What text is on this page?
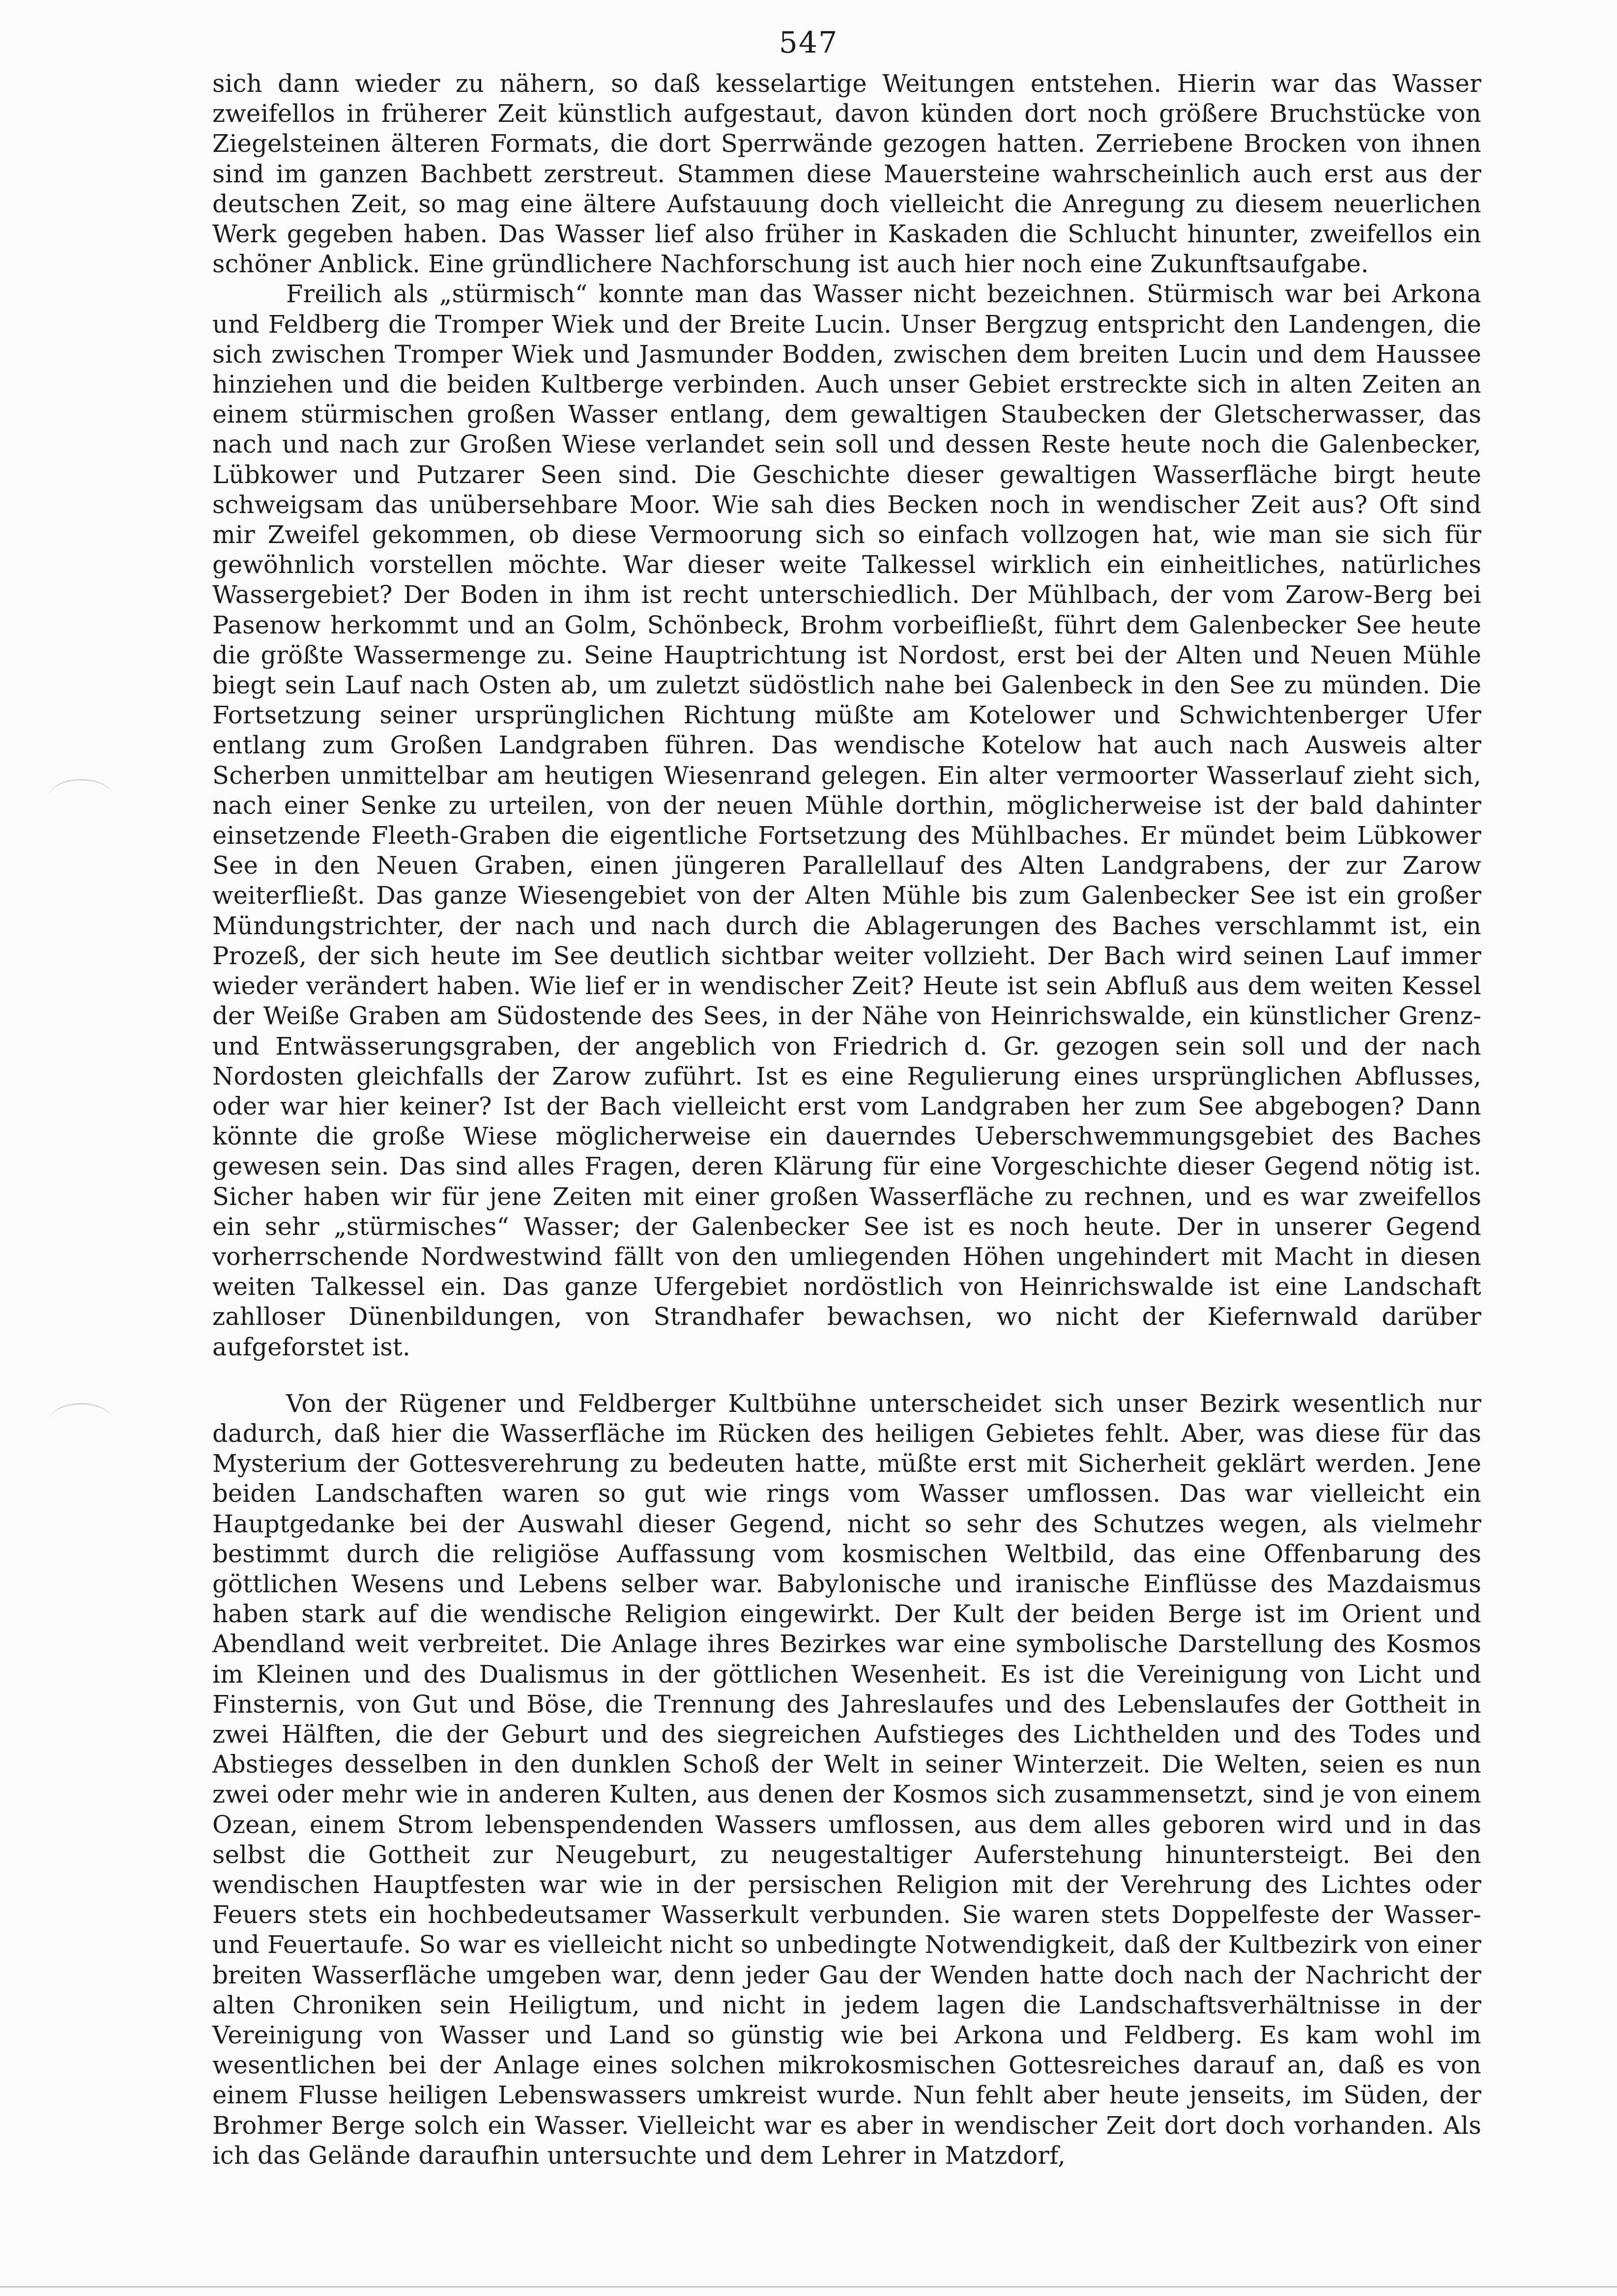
547

sich dann wieder zu nähern, so daß kesselartige Weitungen entstehen. Hierin war das Wasser zweifellos in früherer Zeit künstlich aufgestaut, davon künden dort noch größere Bruchstücke von Ziegelsteinen älteren Formats, die dort Sperrwände gezogen hatten. Zerriebene Brocken von ihnen sind im ganzen Bachbett zerstreut. Stammen diese Mauersteine wahrscheinlich auch erst aus der deutschen Zeit, so mag eine ältere Aufstauung doch vielleicht die Anregung zu diesem neuerlichen Werk gegeben haben. Das Wasser lief also früher in Kaskaden die Schlucht hinunter, zweifellos ein schöner Anblick. Eine gründlichere Nachforschung ist auch hier noch eine Zukunftsaufgabe.

Freilich als „stürmisch“ konnte man das Wasser nicht bezeichnen. Stürmisch war bei Arkona und Feldberg die Tromper Wiek und der Breite Lucin. Unser Bergzug entspricht den Landengen, die sich zwischen Tromper Wiek und Jasmunder Bodden, zwischen dem breiten Lucin und dem Haussee hinziehen und die beiden Kultberge verbinden. Auch unser Gebiet erstreckte sich in alten Zeiten an einem stürmischen großen Wasser entlang, dem gewaltigen Staubecken der Gletscherwasser, das nach und nach zur Großen Wiese verlandet sein soll und dessen Reste heute noch die Galenbecker, Lübkower und Putzarer Seen sind. Die Geschichte dieser gewaltigen Wasserfläche birgt heute schweigsam das unübersehbare Moor. Wie sah dies Becken noch in wendischer Zeit aus? Oft sind mir Zweifel gekommen, ob diese Vermoorung sich so einfach vollzogen hat, wie man sie sich für gewöhnlich vorstellen möchte. War dieser weite Talkessel wirklich ein einheitliches, natürliches Wassergebiet? Der Boden in ihm ist recht unterschiedlich. Der Mühlbach, der vom Zarow-Berg bei Pasenow herkommt und an Golm, Schönbeck, Brohm vorbeifließt, führt dem Galenbecker See heute die größte Wassermenge zu. Seine Hauptrichtung ist Nordost, erst bei der Alten und Neuen Mühle biegt sein Lauf nach Osten ab, um zuletzt südöstlich nahe bei Galenbeck in den See zu münden. Die Fortsetzung seiner ursprünglichen Richtung müßte am Kotelower und Schwichtenberger Ufer entlang zum Großen Landgraben führen. Das wendische Kotelow hat auch nach Ausweis alter Scherben unmittelbar am heutigen Wiesenrand gelegen. Ein alter vermoorter Wasserlauf zieht sich, nach einer Senke zu urteilen, von der neuen Mühle dorthin, möglicherweise ist der bald dahinter einsetzende Fleeth-Graben die eigentliche Fortsetzung des Mühlbaches. Er mündet beim Lübkower See in den Neuen Graben, einen jüngeren Parallellauf des Alten Landgrabens, der zur Zarow weiterfließt. Das ganze Wiesengebiet von der Alten Mühle bis zum Galenbecker See ist ein großer Mündungstrichter, der nach und nach durch die Ablagerungen des Baches verschlammt ist, ein Prozeß, der sich heute im See deutlich sichtbar weiter vollzieht. Der Bach wird seinen Lauf immer wieder verändert haben. Wie lief er in wendischer Zeit? Heute ist sein Abfluß aus dem weiten Kessel der Weiße Graben am Südostende des Sees, in der Nähe von Heinrichswalde, ein künstlicher Grenz- und Entwässerungsgraben, der angeblich von Friedrich d. Gr. gezogen sein soll und der nach Nordosten gleichfalls der Zarow zuführt. Ist es eine Regulierung eines ursprünglichen Abflusses, oder war hier keiner? Ist der Bach vielleicht erst vom Landgraben her zum See abgebogen? Dann könnte die große Wiese möglicherweise ein dauerndes Ueberschwemmungsgebiet des Baches gewesen sein. Das sind alles Fragen, deren Klärung für eine Vorgeschichte dieser Gegend nötig ist. Sicher haben wir für jene Zeiten mit einer großen Wasserfläche zu rechnen, und es war zweifellos ein sehr „stürmisches“ Wasser; der Galenbecker See ist es noch heute. Der in unserer Gegend vorherrschende Nordwestwind fällt von den umliegenden Höhen ungehindert mit Macht in diesen weiten Talkessel ein. Das ganze Ufergebiet nordöstlich von Heinrichswalde ist eine Landschaft zahlloser Dünenbildungen, von Strandhafer bewachsen, wo nicht der Kiefernwald darüber aufgeforstet ist.

Von der Rügener und Feldberger Kultbühne unterscheidet sich unser Bezirk wesentlich nur dadurch, daß hier die Wasserfläche im Rücken des heiligen Gebietes fehlt. Aber, was diese für das Mysterium der Gottesverehrung zu bedeuten hatte, müßte erst mit Sicherheit geklärt werden. Jene beiden Landschaften waren so gut wie rings vom Wasser umflossen. Das war vielleicht ein Hauptgedanke bei der Auswahl dieser Gegend, nicht so sehr des Schutzes wegen, als vielmehr bestimmt durch die religiöse Auffassung vom kosmischen Weltbild, das eine Offenbarung des göttlichen Wesens und Lebens selber war. Babylonische und iranische Einflüsse des Mazdaismus haben stark auf die wendische Religion eingewirkt. Der Kult der beiden Berge ist im Orient und Abendland weit verbreitet. Die Anlage ihres Bezirkes war eine symbolische Darstellung des Kosmos im Kleinen und des Dualismus in der göttlichen Wesenheit. Es ist die Vereinigung von Licht und Finsternis, von Gut und Böse, die Trennung des Jahreslaufes und des Lebenslaufes der Gottheit in zwei Hälften, die der Geburt und des siegreichen Aufstieges des Lichthelden und des Todes und Abstieges desselben in den dunklen Schoß der Welt in seiner Winterzeit. Die Welten, seien es nun zwei oder mehr wie in anderen Kulten, aus denen der Kosmos sich zusammensetzt, sind je von einem Ozean, einem Strom lebenspendenden Wassers umflossen, aus dem alles geboren wird und in das selbst die Gottheit zur Neugeburt, zu neugestaltiger Auferstehung hinuntersteigt. Bei den wendischen Hauptfesten war wie in der persischen Religion mit der Verehrung des Lichtes oder Feuers stets ein hochbedeutsamer Wasserkult verbunden. Sie waren stets Doppelfeste der Wasser- und Feuertaufe. So war es vielleicht nicht so unbedingte Notwendigkeit, daß der Kultbezirk von einer breiten Wasserfläche umgeben war, denn jeder Gau der Wenden hatte doch nach der Nachricht der alten Chroniken sein Heiligtum, und nicht in jedem lagen die Landschaftsverhältnisse in der Vereinigung von Wasser und Land so günstig wie bei Arkona und Feldberg. Es kam wohl im wesentlichen bei der Anlage eines solchen mikrokosmischen Gottesreiches darauf an, daß es von einem Flusse heiligen Lebenswassers umkreist wurde. Nun fehlt aber heute jenseits, im Süden, der Brohmer Berge solch ein Wasser. Vielleicht war es aber in wendischer Zeit dort doch vorhanden. Als ich das Gelände daraufhin untersuchte und dem Lehrer in Matzdorf,
